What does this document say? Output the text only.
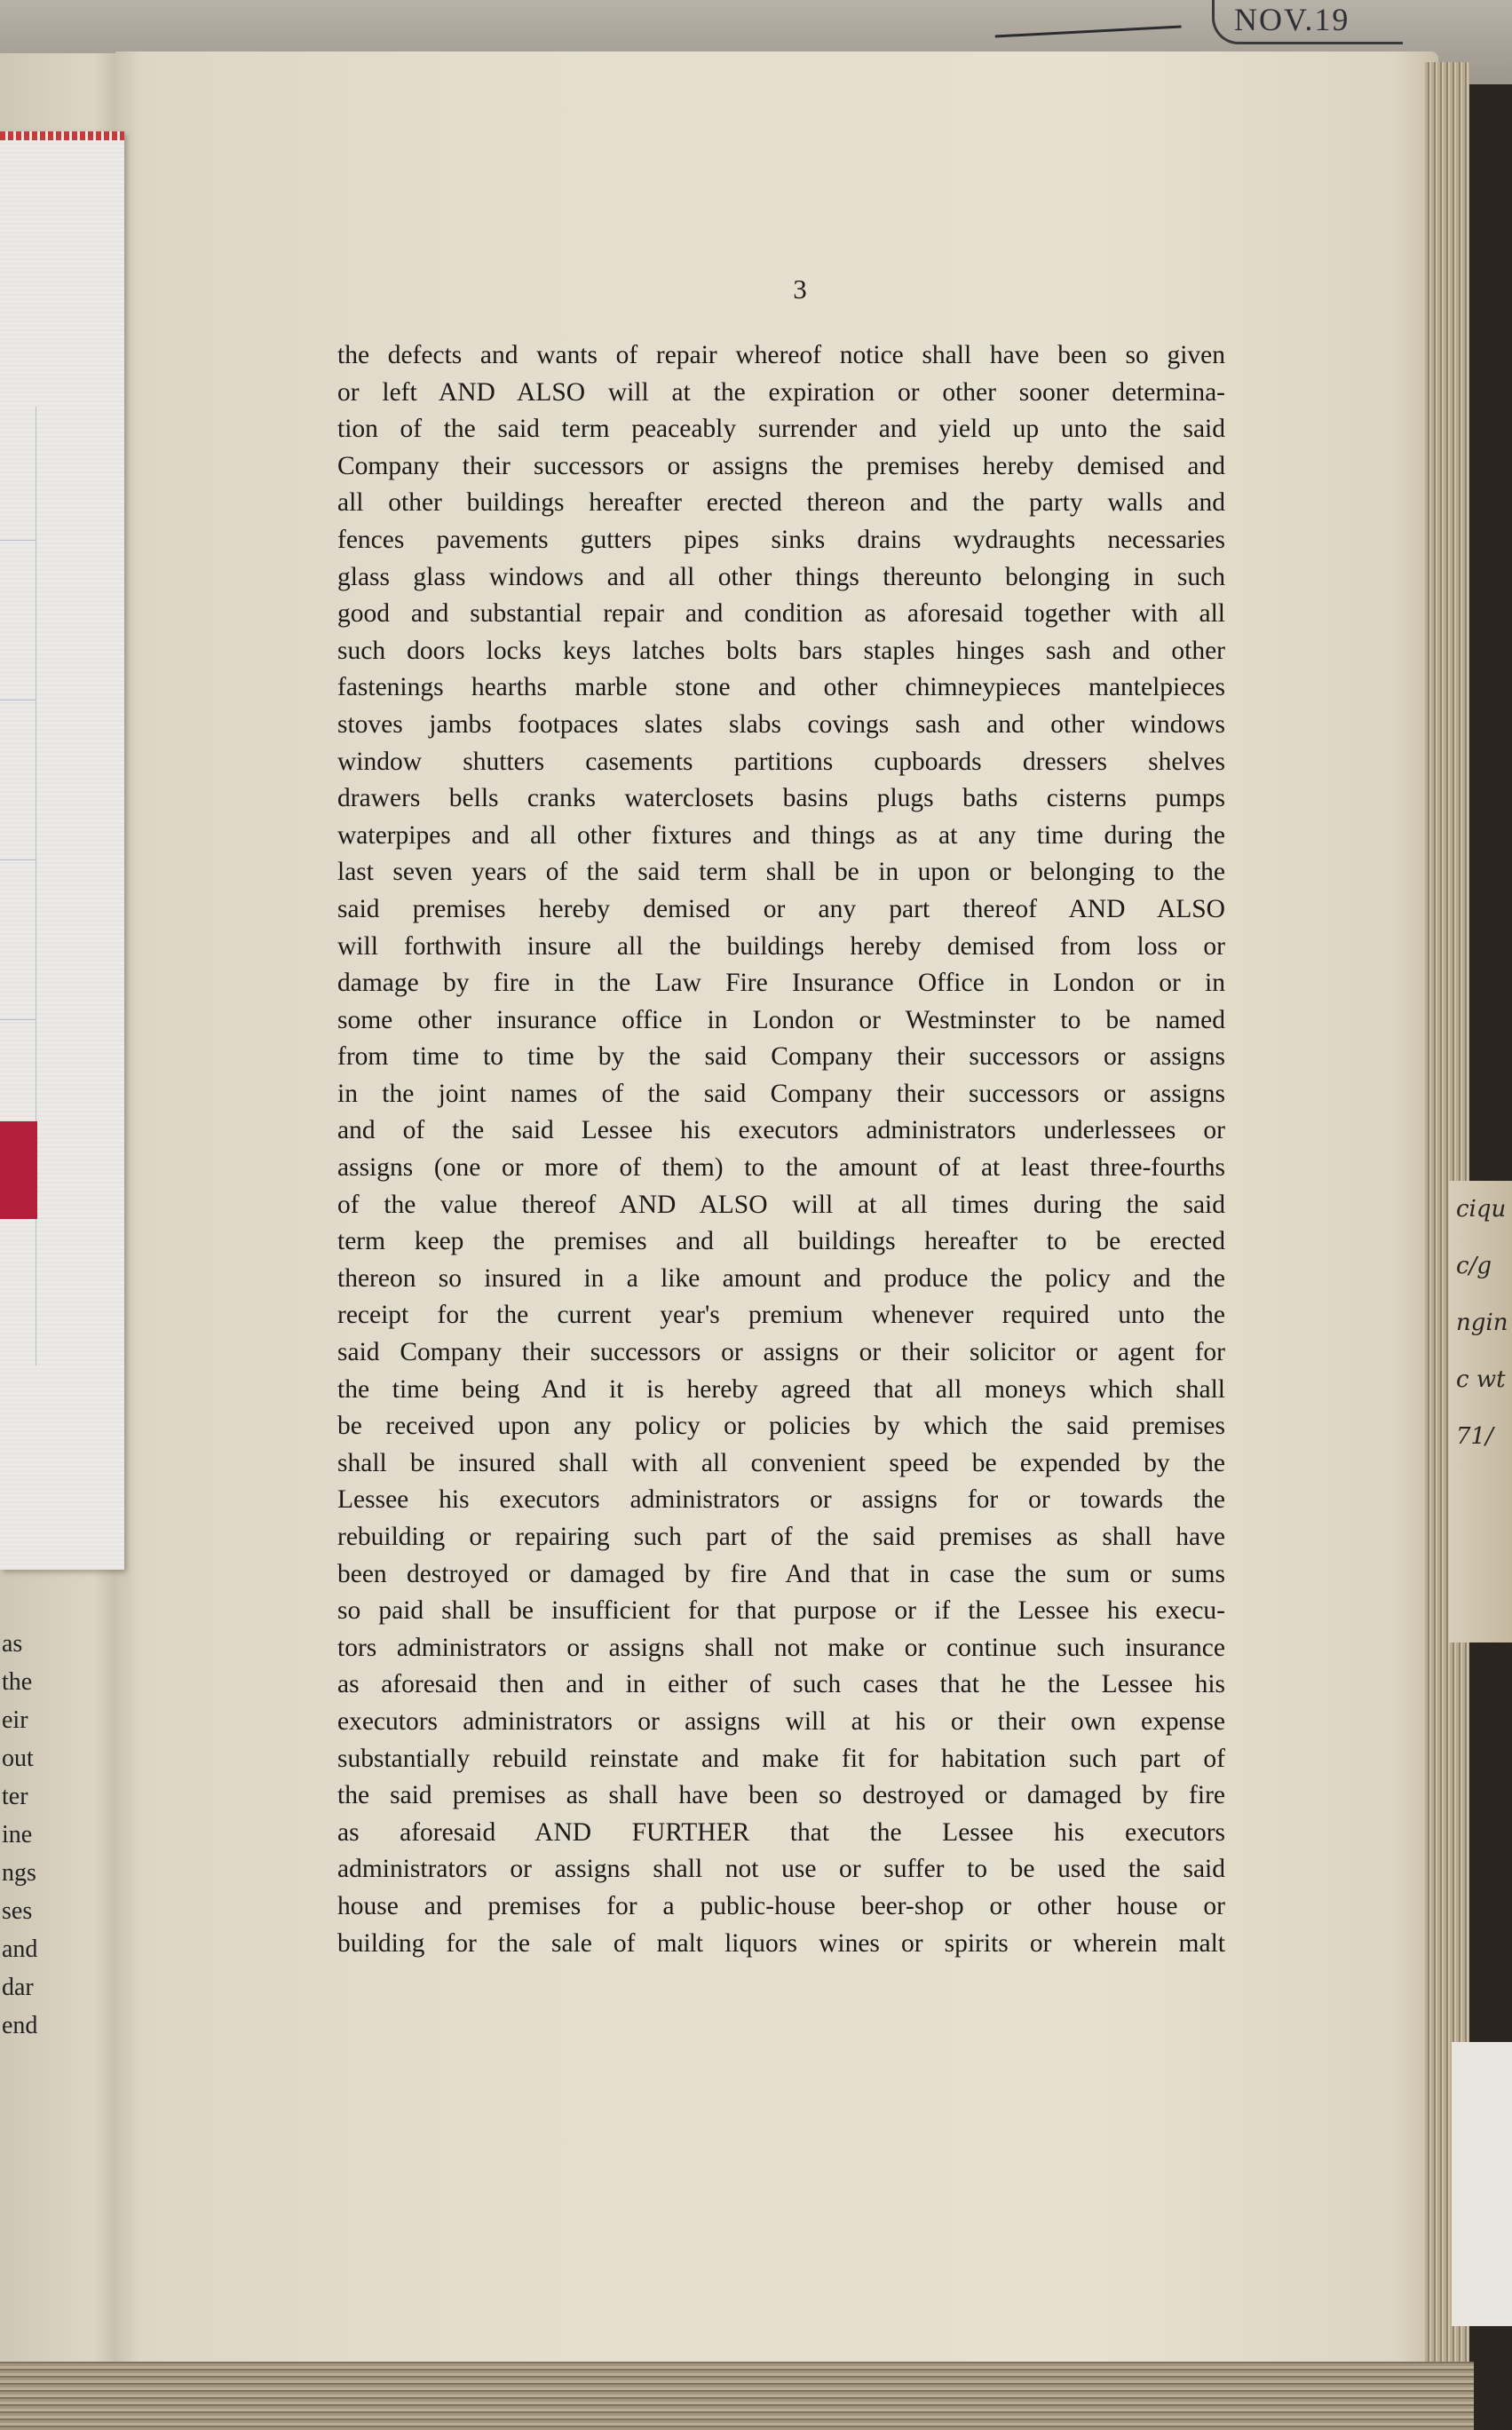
NOV.19
as
the
eir
out
ter
ine
ngs
ses
and
dar
end
ciqu
c/g
ngin
c wt
71/
3
the defects and wants of repair whereof notice shall have been so given
or left AND ALSO will at the expiration or other sooner determina-
tion of the said term peaceably surrender and yield up unto the said
Company their successors or assigns the premises hereby demised and
all other buildings hereafter erected thereon and the party walls and
fences pavements gutters pipes sinks drains wydraughts necessaries
glass glass windows and all other things thereunto belonging in such
good and substantial repair and condition as aforesaid together with all
such doors locks keys latches bolts bars staples hinges sash and other
fastenings hearths marble stone and other chimneypieces mantelpieces
stoves jambs footpaces slates slabs covings sash and other windows
window shutters casements partitions cupboards dressers shelves
drawers bells cranks waterclosets basins plugs baths cisterns pumps
waterpipes and all other fixtures and things as at any time during the
last seven years of the said term shall be in upon or belonging to the
said premises hereby demised or any part thereof AND ALSO
will forthwith insure all the buildings hereby demised from loss or
damage by fire in the Law Fire Insurance Office in London or in
some other insurance office in London or Westminster to be named
from time to time by the said Company their successors or assigns
in the joint names of the said Company their successors or assigns
and of the said Lessee his executors administrators underlessees or
assigns (one or more of them) to the amount of at least three-fourths
of the value thereof AND ALSO will at all times during the said
term keep the premises and all buildings hereafter to be erected
thereon so insured in a like amount and produce the policy and the
receipt for the current year's premium whenever required unto the
said Company their successors or assigns or their solicitor or agent for
the time being And it is hereby agreed that all moneys which shall
be received upon any policy or policies by which the said premises
shall be insured shall with all convenient speed be expended by the
Lessee his executors administrators or assigns for or towards the
rebuilding or repairing such part of the said premises as shall have
been destroyed or damaged by fire And that in case the sum or sums
so paid shall be insufficient for that purpose or if the Lessee his execu-
tors administrators or assigns shall not make or continue such insurance
as aforesaid then and in either of such cases that he the Lessee his
executors administrators or assigns will at his or their own expense
substantially rebuild reinstate and make fit for habitation such part of
the said premises as shall have been so destroyed or damaged by fire
as aforesaid AND FURTHER that the Lessee his executors
administrators or assigns shall not use or suffer to be used the said
house and premises for a public-house beer-shop or other house or
building for the sale of malt liquors wines or spirits or wherein malt
